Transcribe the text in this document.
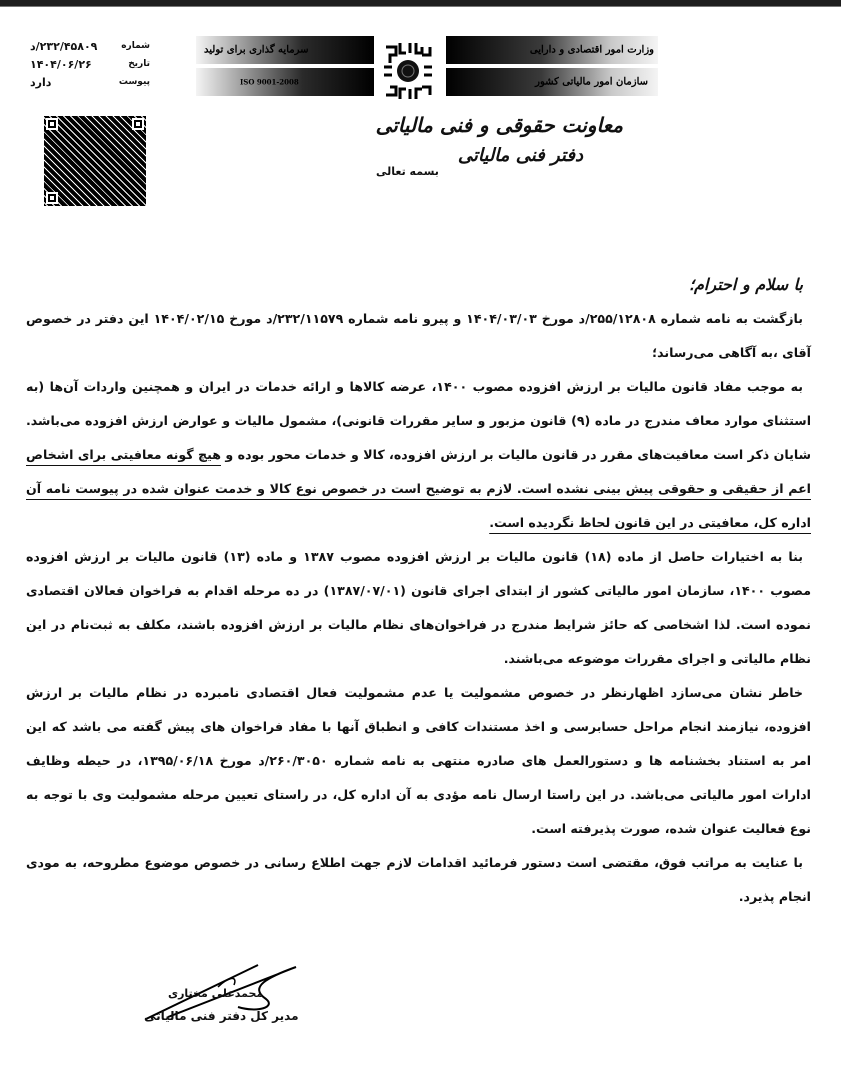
شماره
۲۳۲/۴۵۸۰۹/د
تاریخ
۱۴۰۴/۰۶/۲۶
پیوست
دارد
سرمایه گذاری برای تولید
ISO 9001-2008
وزارت امور اقتصادی و دارایی
سازمان امور مالیاتی کشور
معاونت حقوقی و فنی مالیاتی
دفتر فنی مالیاتی
بسمه تعالی
با سلام و احترام؛

بازگشت به نامه شماره ۲۵۵/۱۲۸۰۸/د مورخ ۱۴۰۴/۰۳/۰۳ و پیرو نامه شماره ۲۳۲/۱۱۵۷۹/د مورخ ۱۴۰۴/۰۲/۱۵ این دفتر در خصوص آقای ،به آگاهی می‌رساند؛

به موجب مفاد قانون مالیات بر ارزش افزوده مصوب ۱۴۰۰، عرضه کالاها و ارائه خدمات در ایران و همچنین واردات آن‌ها (به استثنای موارد معاف مندرج در ماده (۹) قانون مزبور و سایر مقررات قانونی)، مشمول مالیات و عوارض ارزش افزوده می‌باشد. شایان ذکر است معافیت‌های مقرر در قانون مالیات بر ارزش افزوده، کالا و خدمات محور بوده و هیچ گونه معافیتی برای اشخاص اعم از حقیقی و حقوقی پیش بینی نشده است. لازم به توضیح است در خصوص نوع کالا و خدمت عنوان شده در پیوست نامه آن اداره کل، معافیتی در این قانون لحاظ نگردیده است.

بنا به اختیارات حاصل از ماده (۱۸) قانون مالیات بر ارزش افزوده مصوب ۱۳۸۷ و ماده (۱۳) قانون مالیات بر ارزش افزوده مصوب ۱۴۰۰، سازمان امور مالیاتی کشور از ابتدای اجرای قانون (۱۳۸۷/۰۷/۰۱) در ده مرحله اقدام به فراخوان فعالان اقتصادی نموده است. لذا اشخاصی که حائز شرایط مندرج در فراخوان‌های نظام مالیات بر ارزش افزوده باشند، مکلف به ثبت‌نام در این نظام مالیاتی و اجرای مقررات موضوعه می‌باشند.

خاطر نشان می‌سازد اظهارنظر در خصوص مشمولیت یا عدم مشمولیت فعال اقتصادی نامبرده در نظام مالیات بر ارزش افزوده، نیازمند انجام مراحل حسابرسی و اخذ مستندات کافی و انطباق آنها با مفاد فراخوان های پیش گفته می باشد که این امر به استناد بخشنامه ها و دستورالعمل های صادره منتهی به نامه شماره ۲۶۰/۳۰۵۰/د مورخ ۱۳۹۵/۰۶/۱۸، در حیطه وظایف ادارات امور مالیاتی می‌باشد. در این راستا ارسال نامه مؤدی به آن اداره کل، در راستای تعیین مرحله مشمولیت وی با توجه به نوع فعالیت عنوان شده، صورت پذیرفته است.

با عنایت به مراتب فوق، مقتضی است دستور فرمائید اقدامات لازم جهت اطلاع رسانی در خصوص موضوع مطروحه، به مودی انجام پذیرد.

محمدعلی مختاری
مدیر کل دفتر فنی مالیاتی
